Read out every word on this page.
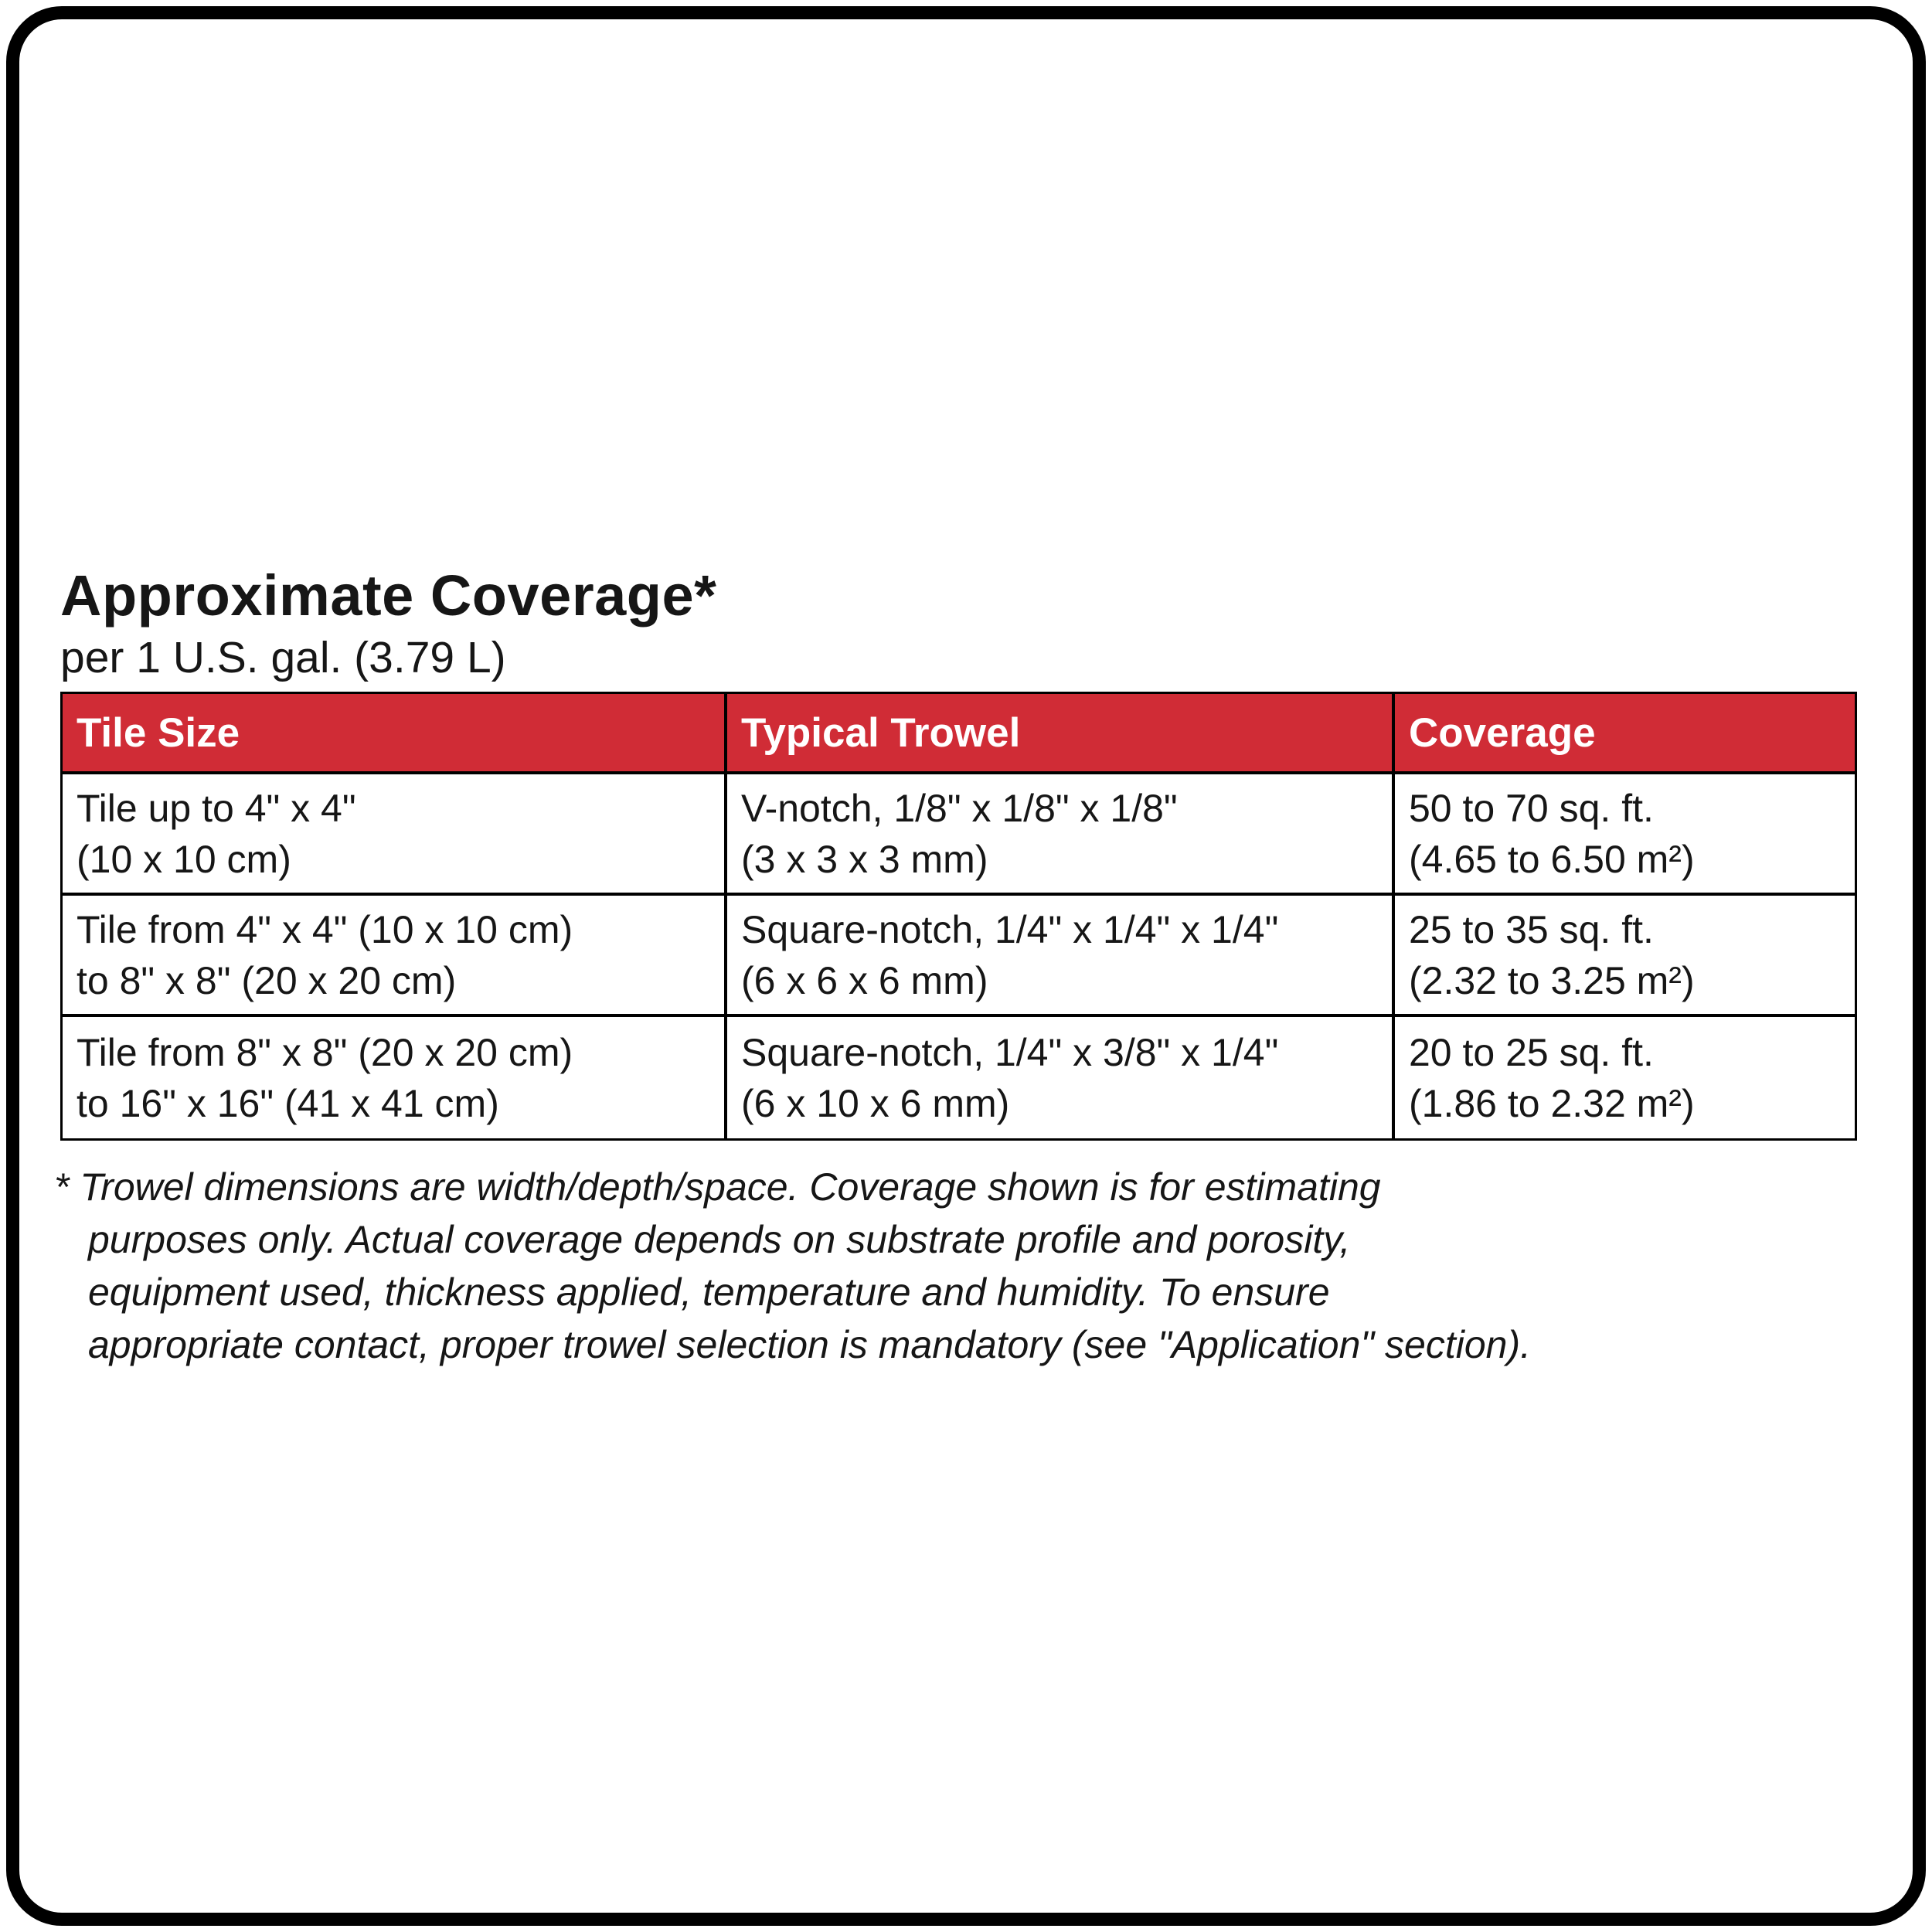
Approximate Coverage*
per 1 U.S. gal. (3.79 L)
Tile Size	Typical Trowel	Coverage
Tile up to 4" x 4"
(10 x 10 cm)
V-notch, 1/8" x 1/8" x 1/8"
(3 x 3 x 3 mm)
50 to 70 sq. ft.
(4.65 to 6.50 m²)
Tile from 4" x 4" (10 x 10 cm)
to 8" x 8" (20 x 20 cm)
Square-notch, 1/4" x 1/4" x 1/4"
(6 x 6 x 6 mm)
25 to 35 sq. ft.
(2.32 to 3.25 m²)
Tile from 8" x 8" (20 x 20 cm)
to 16" x 16" (41 x 41 cm)
Square-notch, 1/4" x 3/8" x 1/4"
(6 x 10 x 6 mm)
20 to 25 sq. ft.
(1.86 to 2.32 m²)
* Trowel dimensions are width/depth/space. Coverage shown is for estimating
purposes only. Actual coverage depends on substrate profile and porosity,
equipment used, thickness applied, temperature and humidity. To ensure
appropriate contact, proper trowel selection is mandatory (see "Application" section).
